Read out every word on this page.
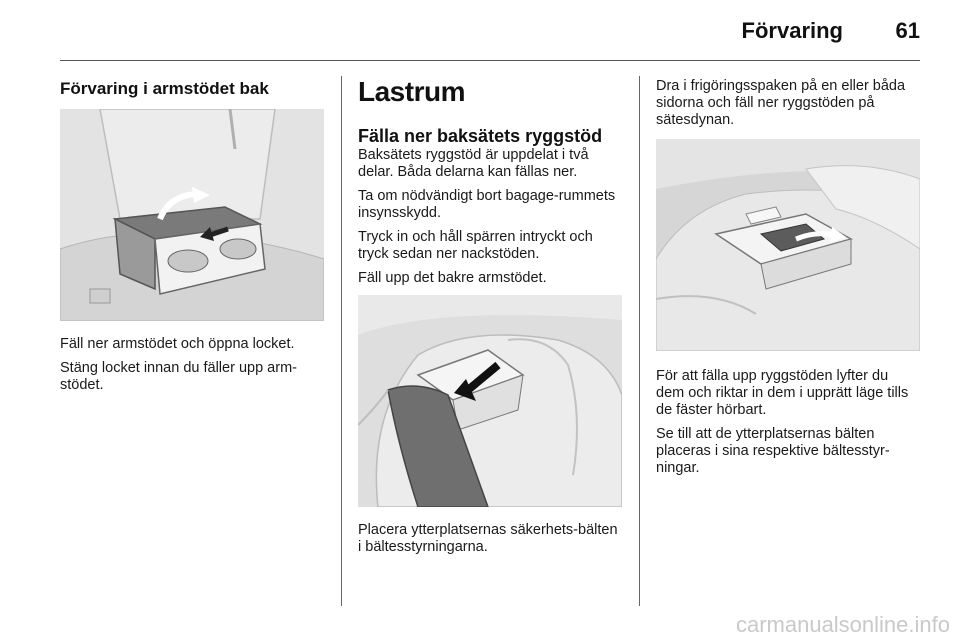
Förvaring	61
Förvaring i armstödet bak

Fäll ner armstödet och öppna locket.

Stäng locket innan du fäller upp arm-stödet.

Lastrum
Fälla ner baksätets ryggstöd

Baksätets ryggstöd är uppdelat i två delar. Båda delarna kan fällas ner.

Ta om nödvändigt bort bagage-rummets insynsskydd.

Tryck in och håll spärren intryckt och tryck sedan ner nackstöden.

Fäll upp det bakre armstödet.

Placera ytterplatsernas säkerhets-bälten i bältesstyrningarna.

Dra i frigöringsspaken på en eller båda sidorna och fäll ner ryggstöden på sätesdynan.

För att fälla upp ryggstöden lyfter du dem och riktar in dem i upprätt läge tills de fäster hörbart.

Se till att de ytterplatsernas bälten placeras i sina respektive bältesstyr-ningar.

carmanualsonline.info
